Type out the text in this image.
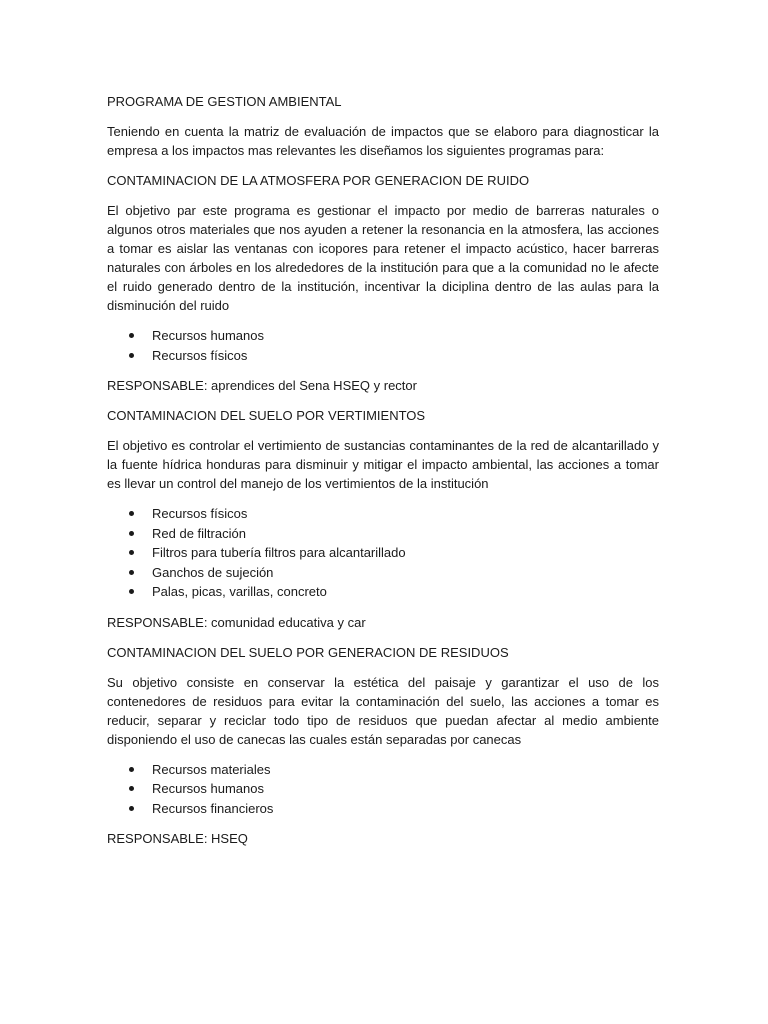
PROGRAMA DE GESTION AMBIENTAL

Teniendo en cuenta la matriz de evaluación de impactos que se elaboro para diagnosticar la empresa a los impactos mas relevantes les diseñamos los siguientes programas para:

CONTAMINACION DE LA ATMOSFERA POR GENERACION DE RUIDO

El objetivo par este programa es gestionar el impacto por medio de barreras naturales o algunos otros materiales que nos ayuden a retener la resonancia en la atmosfera, las acciones a tomar es aislar las ventanas con icopores para retener el impacto acústico, hacer barreras naturales con árboles en los alrededores de la institución para que a la comunidad no le afecte el ruido generado dentro de la institución, incentivar la diciplina dentro de las aulas para la disminución del ruido

Recursos humanos
Recursos físicos

RESPONSABLE: aprendices del Sena HSEQ y rector

CONTAMINACION DEL SUELO POR VERTIMIENTOS

El objetivo es controlar el vertimiento de sustancias contaminantes de la red de alcantarillado y la fuente hídrica honduras para disminuir y mitigar el impacto ambiental, las acciones a tomar es llevar un control del manejo de los vertimientos de la institución

Recursos físicos
Red de filtración
Filtros para tubería filtros para alcantarillado
Ganchos de sujeción
Palas, picas, varillas, concreto

RESPONSABLE: comunidad educativa y car

CONTAMINACION DEL SUELO POR GENERACION DE RESIDUOS

Su objetivo consiste en conservar la estética del paisaje y garantizar el uso de los contenedores de residuos para evitar la contaminación del suelo, las acciones a tomar es reducir, separar y reciclar todo tipo de residuos que puedan afectar al medio ambiente disponiendo el uso de canecas las cuales están separadas por canecas

Recursos materiales
Recursos humanos
Recursos financieros

RESPONSABLE: HSEQ
